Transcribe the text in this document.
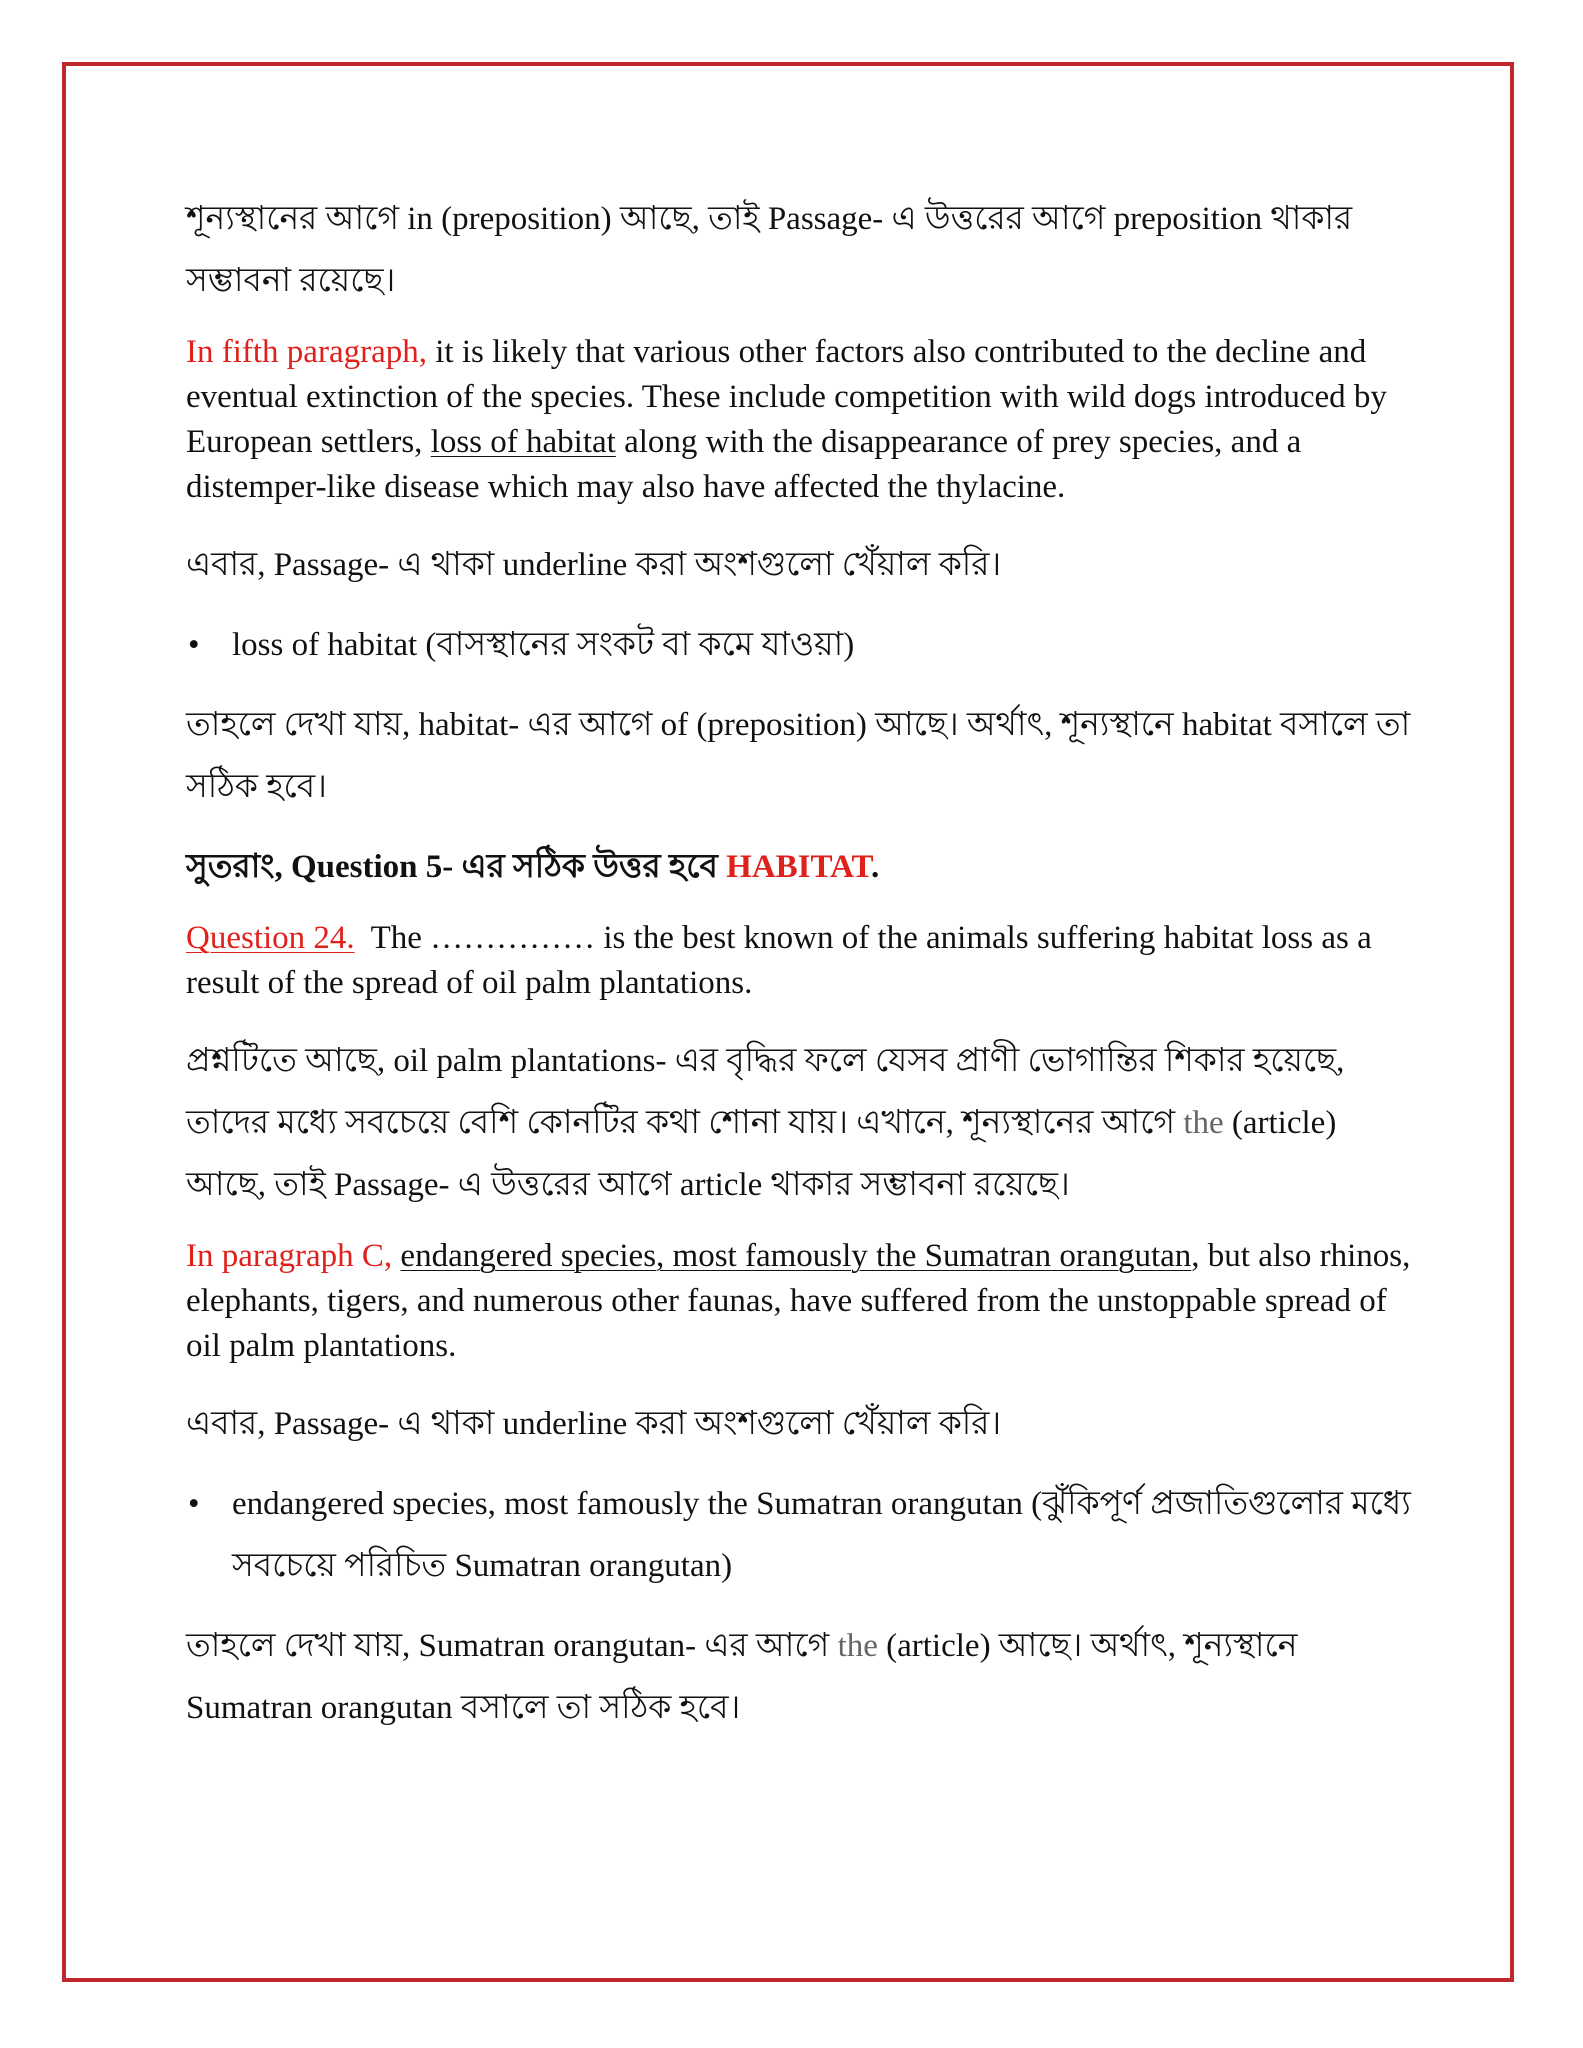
শূন্যস্থানের আগে in (preposition) আছে, তাই Passage- এ উত্তরের আগে preposition থাকার সম্ভাবনা রয়েছে।

In fifth paragraph, it is likely that various other factors also contributed to the decline and eventual extinction of the species. These include competition with wild dogs introduced by European settlers, loss of habitat along with the disappearance of prey species, and a distemper-like disease which may also have affected the thylacine.

এবার, Passage- এ থাকা underline করা অংশগুলো খেঁয়াল করি।

• loss of habitat (বাসস্থানের সংকট বা কমে যাওয়া)

তাহলে দেখা যায়, habitat- এর আগে of (preposition) আছে। অর্থাৎ, শূন্যস্থানে habitat বসালে তা সঠিক হবে।

সুতরাং, Question 5- এর সঠিক উত্তর হবে HABITAT.

Question 24.  The …………… is the best known of the animals suffering habitat loss as a result of the spread of oil palm plantations.

প্রশ্নটিতে আছে, oil palm plantations- এর বৃদ্ধির ফলে যেসব প্রাণী ভোগান্তির শিকার হয়েছে, তাদের মধ্যে সবচেয়ে বেশি কোনটির কথা শোনা যায়। এখানে, শূন্যস্থানের আগে the (article) আছে, তাই Passage- এ উত্তরের আগে article থাকার সম্ভাবনা রয়েছে।

In paragraph C, endangered species, most famously the Sumatran orangutan, but also rhinos, elephants, tigers, and numerous other faunas, have suffered from the unstoppable spread of oil palm plantations.

এবার, Passage- এ থাকা underline করা অংশগুলো খেঁয়াল করি।

• endangered species, most famously the Sumatran orangutan (ঝুঁকিপূর্ণ প্রজাতিগুলোর মধ্যে সবচেয়ে পরিচিত Sumatran orangutan)

তাহলে দেখা যায়, Sumatran orangutan- এর আগে the (article) আছে। অর্থাৎ, শূন্যস্থানে Sumatran orangutan বসালে তা সঠিক হবে।
